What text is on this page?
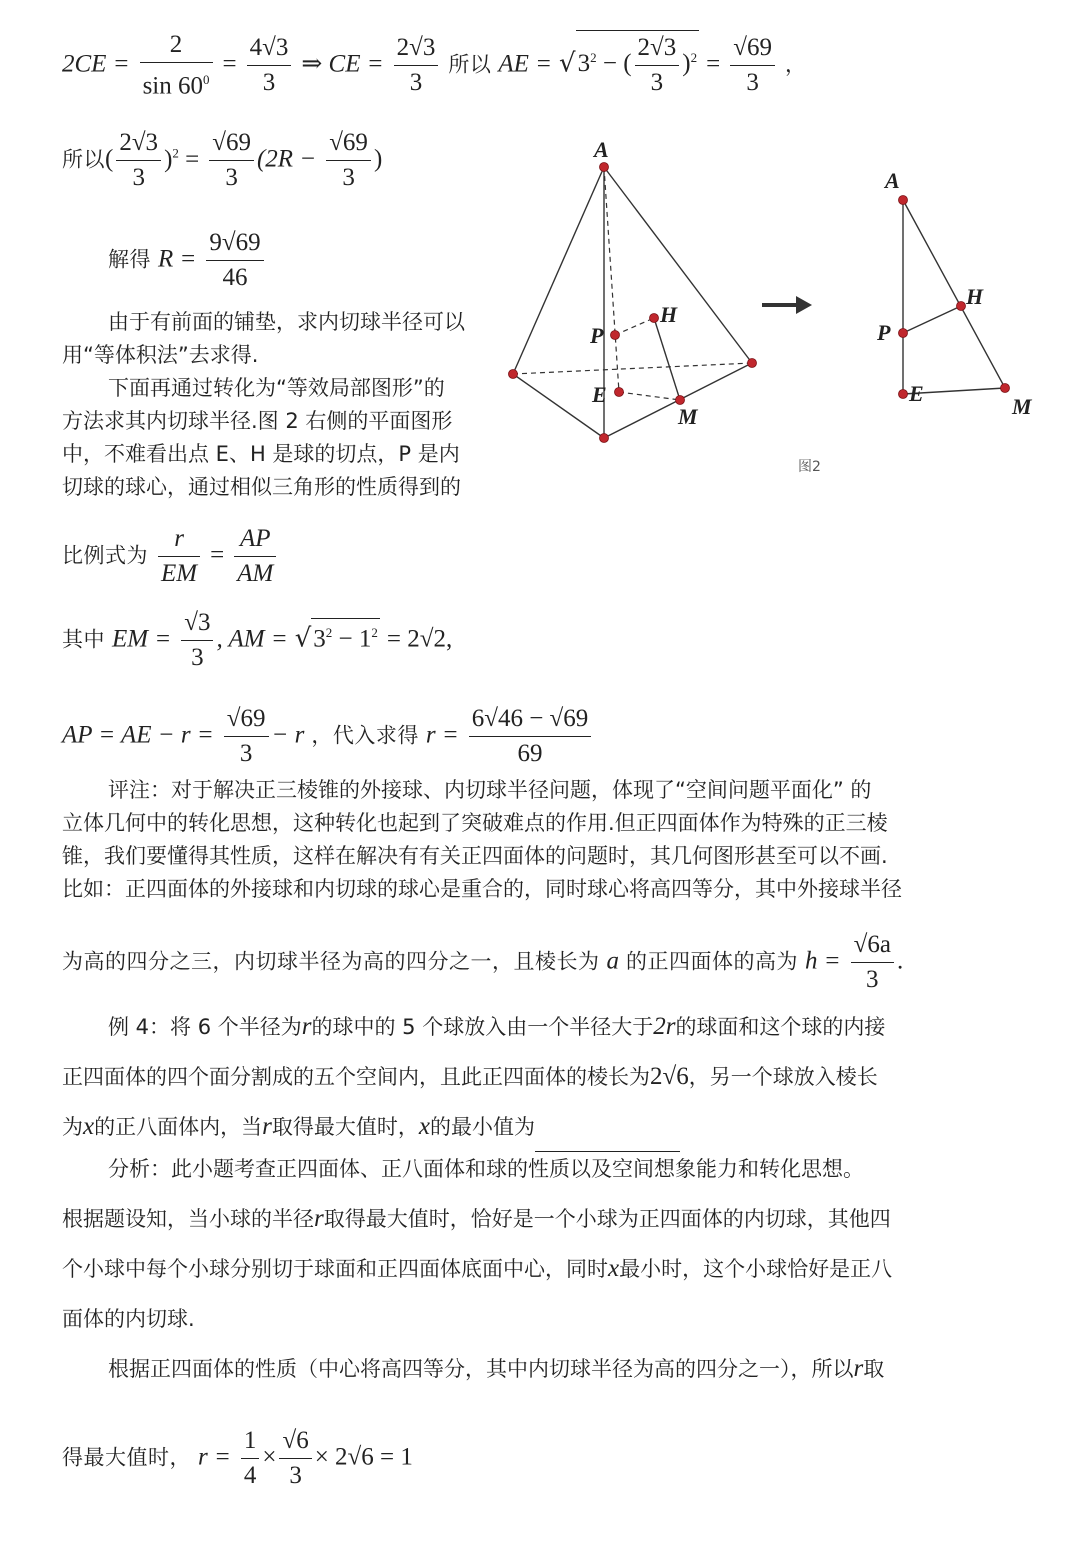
$2CE = \frac{2}{\sin 60^0} = \frac{4√3}{3}$ ⇒ CE = $\frac{2√3}{3}$ 所以 AE = $√3^2$ − ( $\frac{2√3}{3} )^2 = \frac{√69}{3}$ ，
所以( $\frac{2√3}{3} )^2 = \frac{√69}{3} (2R - \frac{√69}{3}$ )
解得 $R = \frac{9√69}{46}$
由于有前面的铺垫，求内切球半径可以
用“等体积法”去求得.
下面再通过转化为“等效局部图形”的
方法求其内切球半径.图 2 右侧的平面图形
中，不难看出点 E、H 是球的切点，P 是内
切球的球心，通过相似三角形的性质得到的
比例式为 $\frac{r}{EM} = \frac{AP}{AM}$
其中 EM = $\frac{√3}{3}$ , AM = $√3^2 - 1^2 = 2√2$,
AP = AE − $r = \frac{√69}{3} - r$ ，代入求得 $r = \frac{6√46 - √69}{69}$
评注：对于解决正三棱锥的外接球、内切球半径问题，体现了“空间问题平面化” 的
立体几何中的转化思想，这种转化也起到了突破难点的作用.但正四面体作为特殊的正三棱
锥，我们要懂得其性质，这样在解决有有关正四面体的问题时，其几何图形甚至可以不画.
比如：正四面体的外接球和内切球的球心是重合的，同时球心将高四等分，其中外接球半径
为高的四分之三，内切球半径为高的四分之一，且棱长为 a 的正四面体的高为 $h = \frac{√6a}{3}$ .
例 4：将 6 个半径为r的球中的 5 个球放入由一个半径大于2r的球面和这个球的内接
正四面体的四个面分割成的五个空间内，且此正四面体的棱长为2√6，另一个球放入棱长
为x的正八面体内，当r取得最大值时，x的最小值为
分析：此小题考查正四面体、正八面体和球的性质以及空间想象能力和转化思想。
根据题设知，当小球的半径r取得最大值时，恰好是一个小球为正四面体的内切球，其他四
个小球中每个小球分别切于球面和正四面体底面中心，同时x最小时，这个小球恰好是正八
面体的内切球.
根据正四面体的性质（中心将高四等分，其中内切球半径为高的四分之一），所以r取
得最大值时， $r = \frac{1}{4} \times \frac{√6}{3} \times 2√6 = 1$
A
H
P
E
M
A
H
P
E
M
图2
